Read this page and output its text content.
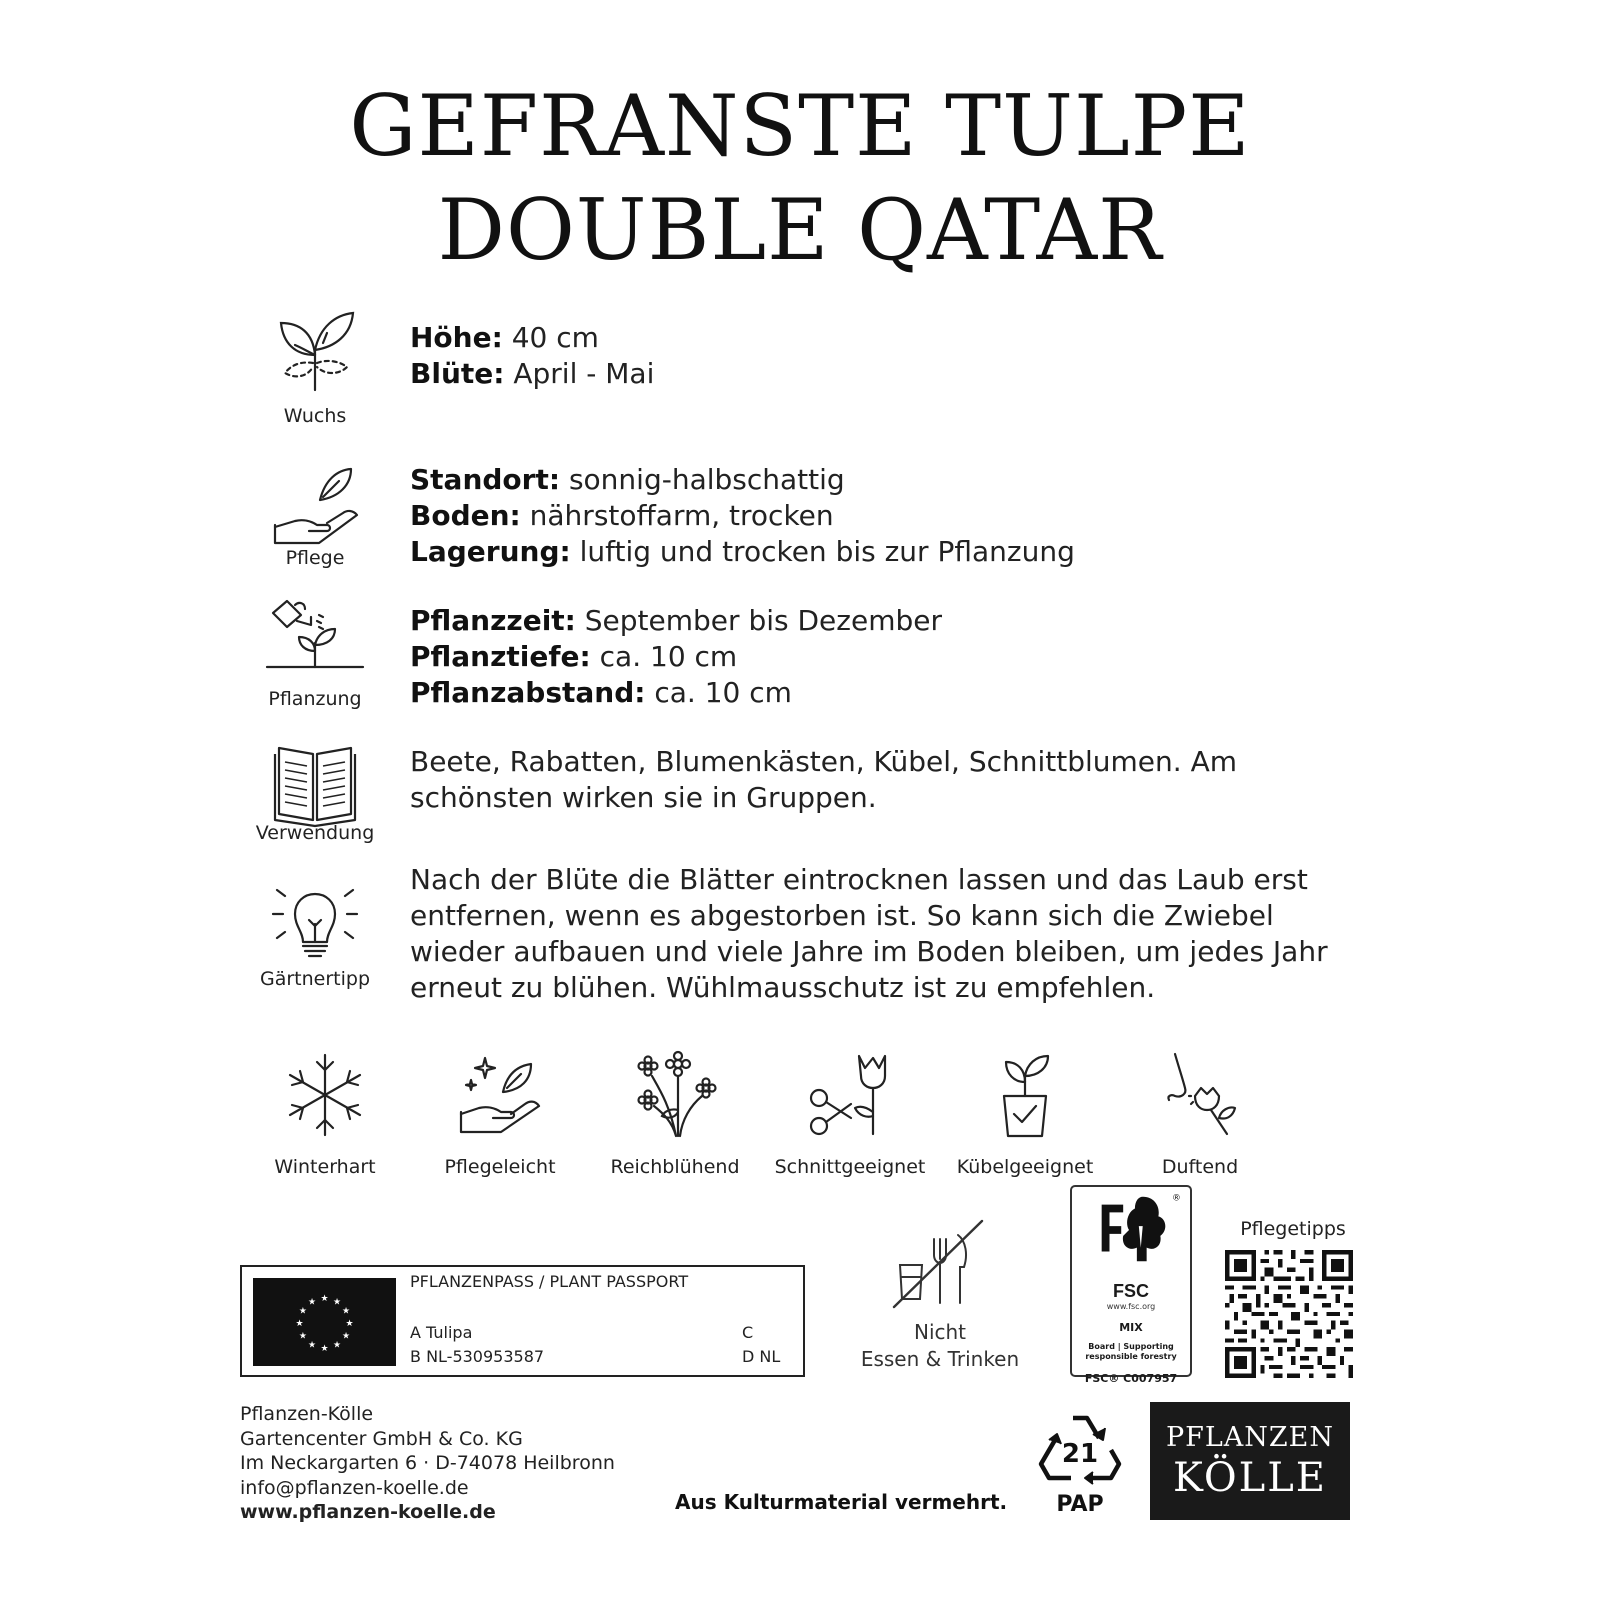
GEFRANSTE TULPE
DOUBLE QATAR
Wuchs
Höhe: 40 cm
Blüte: April - Mai
Pflege
Standort: sonnig-halbschattig
Boden: nährstoffarm, trocken
Lagerung: luftig und trocken bis zur Pflanzung
Pflanzung
Pflanzzeit: September bis Dezember
Pflanztiefe: ca. 10 cm
Pflanzabstand: ca. 10 cm
Verwendung
Beete, Rabatten, Blumenkästen, Kübel, Schnittblumen. Am schönsten wirken sie in Gruppen.
Gärtnertipp
Nach der Blüte die Blätter eintrocknen lassen und das Laub erst entfernen, wenn es abgestorben ist. So kann sich die Zwiebel wieder aufbauen und viele Jahre im Boden bleiben, um jedes Jahr erneut zu blühen. Wühlmausschutz ist zu empfehlen.
Winterhart	Pflegeleicht	Reichblühend	Schnittgeeignet	Kübelgeeignet	Duftend
★ ★
★
★
★
★
★
★
★
★
★
★
PFLANZENPASS / PLANT PASSPORT
A Tulipa
B NL-530953587
C
D NL
Nicht
Essen & Trinken
®
FSC
www.fsc.org
MIX
Board | Supporting responsible forestry
FSC® C007957
Pflegetipps
Pflanzen-Kölle
Gartencenter GmbH & Co. KG
Im Neckargarten 6 · D-74078 Heilbronn
info@pflanzen-koelle.de
www.pflanzen-koelle.de	Aus Kulturmaterial vermehrt.
21
PAP
PFLANZEN
KÖLLE
